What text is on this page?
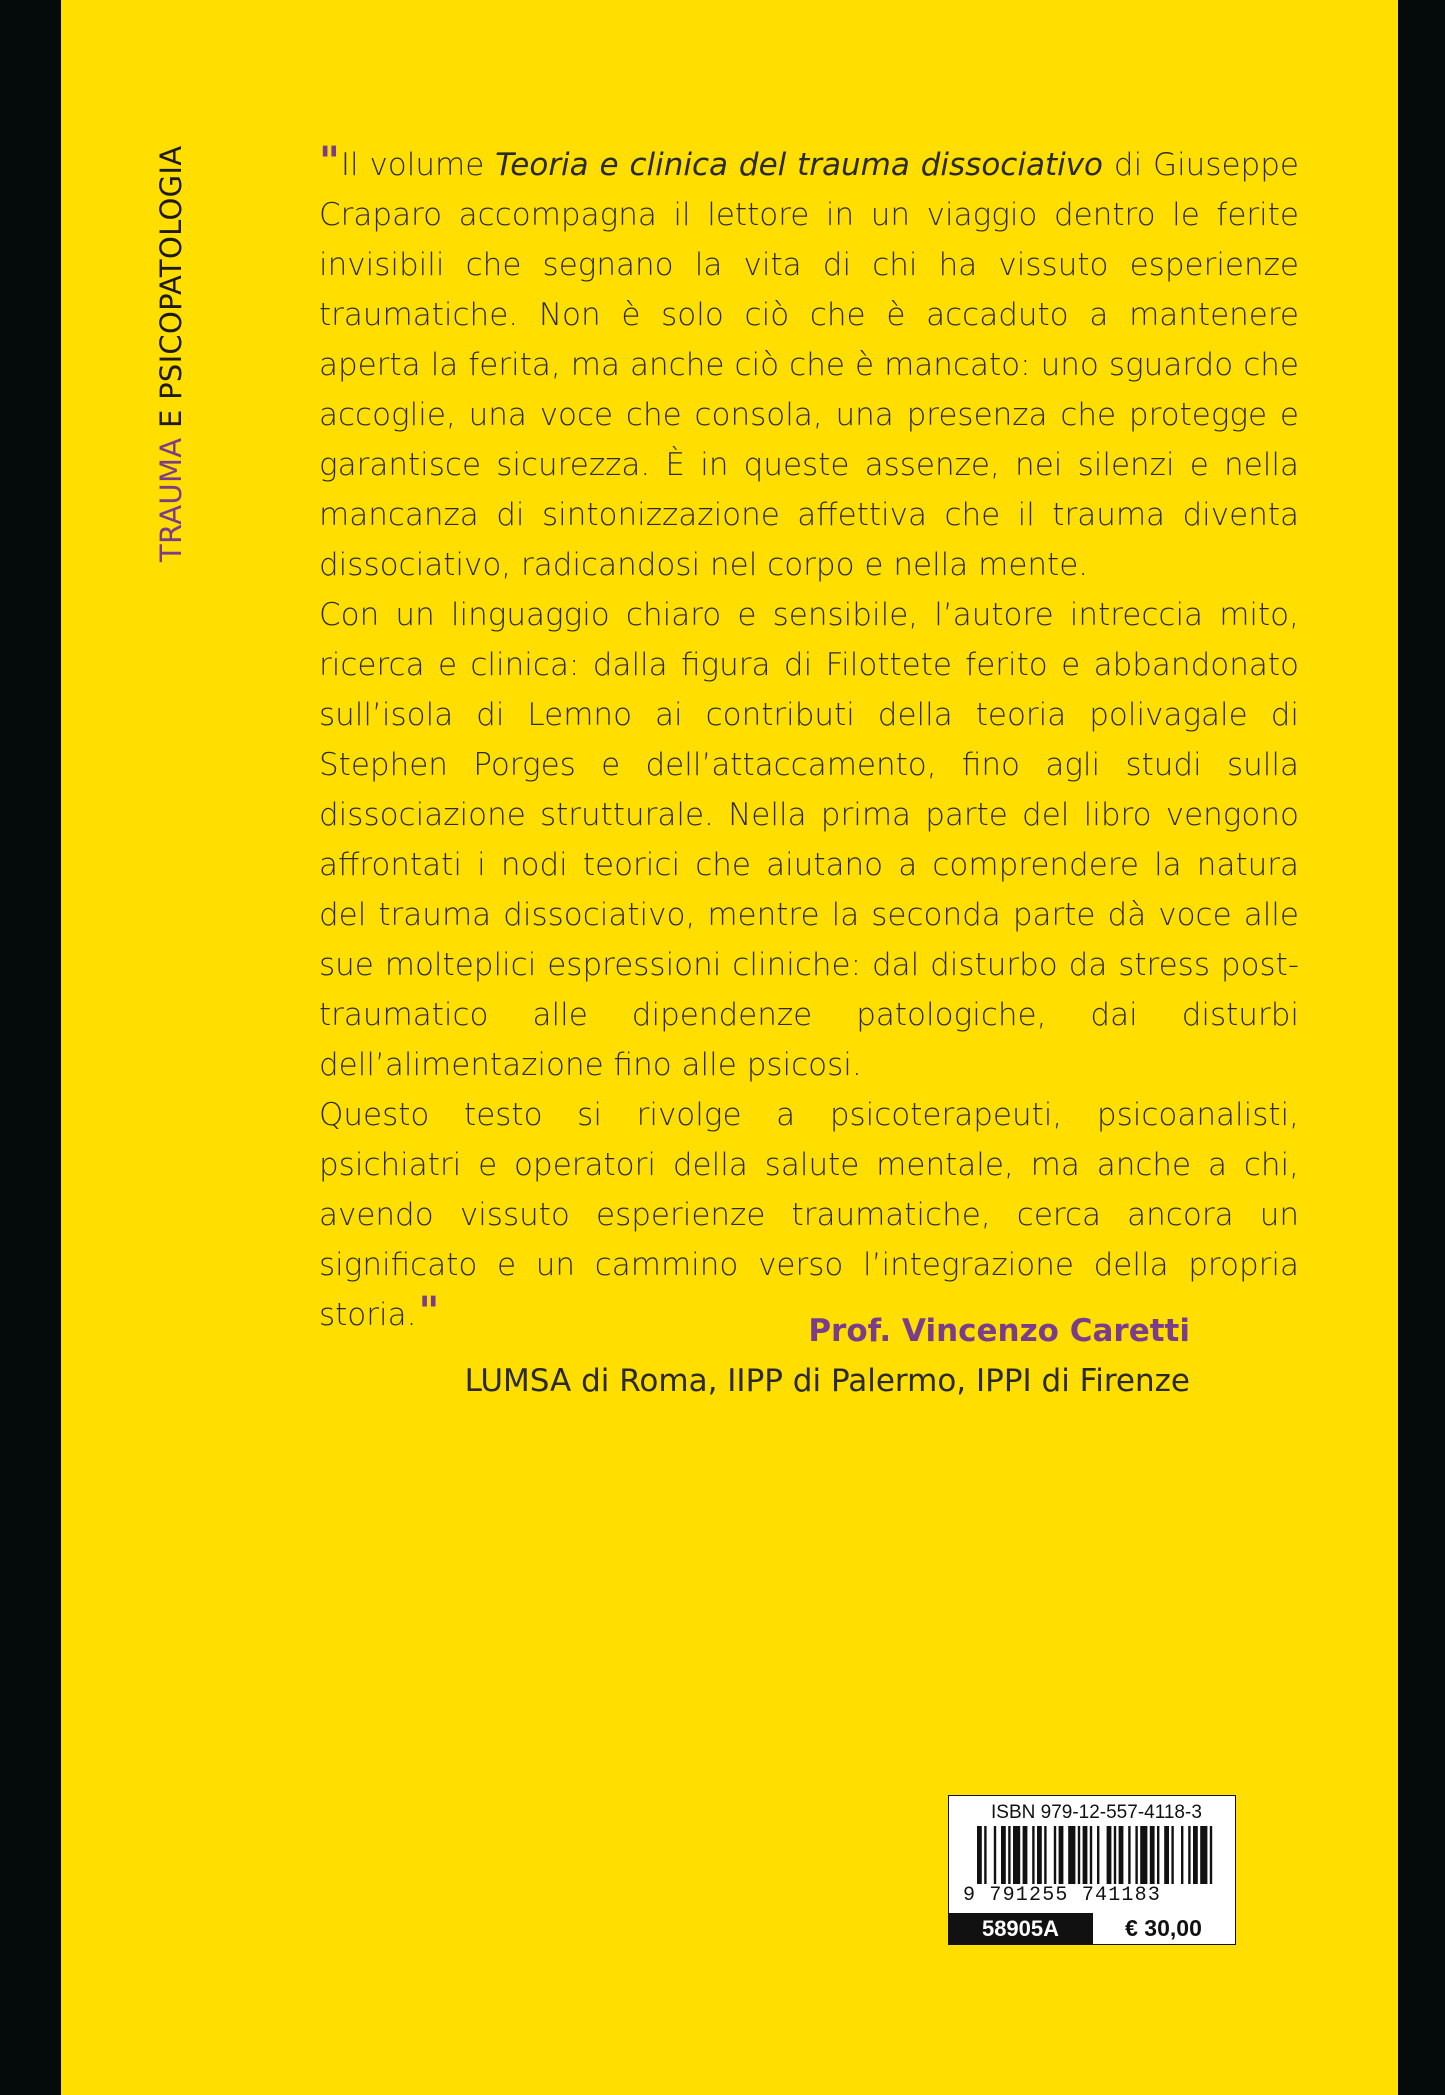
TRAUMA E PSICOPATOLOGIA	" Il volume Teoria e clinica del trauma dissociativo di Giuseppe Craparo accompagna il lettore in un viaggio dentro le ferite invisibili che segnano la vita di chi ha vissuto esperienze traumatiche. Non è solo ciò che è accaduto a mantenere aperta la ferita, ma anche ciò che è mancato: uno sguardo che accoglie, una voce che consola, una presenza che protegge e garantisce sicurezza. È in queste assenze, nei silenzi e nella mancanza di sintonizzazione affettiva che il trauma diventa dissociativo, radicandosi nel corpo e nella mente.

Con un linguaggio chiaro e sensibile, l’autore intreccia mito, ricerca e clinica: dalla figura di Filottete ferito e abbandonato sull’isola di Lemno ai contributi della teoria polivagale di Stephen Porges e dell’attaccamento, fino agli studi sulla dissociazione strutturale. Nella prima parte del libro vengono affrontati i nodi teorici che aiutano a comprendere la natura del trauma dissociativo, mentre la seconda parte dà voce alle sue molteplici espressioni cliniche: dal disturbo da stress post-traumatico alle dipendenze patologiche, dai disturbi dell’alimentazione fino alle psicosi.

Questo testo si rivolge a psicoterapeuti, psicoanalisti, psichiatri e operatori della salute mentale, ma anche a chi, avendo vissuto esperienze traumatiche, cerca ancora un significato e un cammino verso l’integrazione della propria storia."	Prof. Vincenzo Caretti
LUMSA di Roma, IIPP di Palermo, IPPI di Firenze
ISBN 979-12-557-4118-3
9 791255 741183
58905A	€ 30,00
